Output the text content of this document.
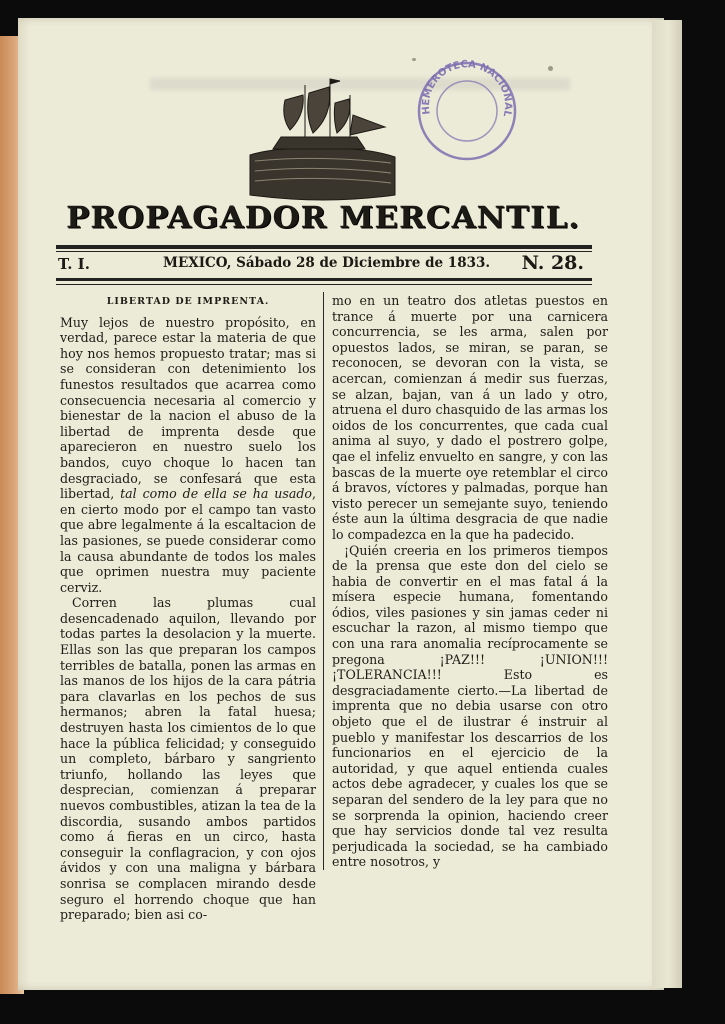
HEMEROTECA NACIONAL
PROPAGADOR MERCANTIL.
T. I.	MEXICO, Sábado 28 de Diciembre de 1833. N. 28.

LIBERTAD DE IMPRENTA.

Muy lejos de nuestro propósito, en verdad, parece estar la materia de que hoy nos hemos propuesto tratar; mas si se consideran con detenimiento los funestos resultados que acarrea como consecuencia necesaria al comercio y bienestar de la nacion el abuso de la libertad de imprenta desde que aparecieron en nuestro suelo los bandos, cuyo choque lo hacen tan desgraciado, se confesará que esta libertad, tal como de ella se ha usado, en cierto modo por el campo tan vasto que abre legalmente á la escaltacion de las pasiones, se puede considerar como la causa abundante de todos los males que oprimen nuestra muy paciente cerviz.

Corren las plumas cual desencadenado aquilon, llevando por todas partes la desolacion y la muerte. Ellas son las que preparan los campos terribles de batalla, ponen las armas en las manos de los hijos de la cara pátria para clavarlas en los pechos de sus hermanos; abren la fatal huesa; destruyen hasta los cimientos de lo que hace la pública felicidad; y conseguido un completo, bárbaro y sangriento triunfo, hollando las leyes que desprecian, comienzan á preparar nuevos combustibles, atizan la tea de la discordia, susando ambos partidos como á fieras en un circo, hasta conseguir la conflagracion, y con ojos ávidos y con una maligna y bárbara sonrisa se complacen mirando desde seguro el horrendo choque que han preparado; bien asi co-

mo en un teatro dos atletas puestos en trance á muerte por una carnicera concurrencia, se les arma, salen por opuestos lados, se miran, se paran, se reconocen, se devoran con la vista, se acercan, comienzan á medir sus fuerzas, se alzan, bajan, van á un lado y otro, atruena el duro chasquido de las armas los oidos de los concurrentes, que cada cual anima al suyo, y dado el postrero golpe, qae el infeliz envuelto en sangre, y con las bascas de la muerte oye retemblar el circo á bravos, víctores y palmadas, porque han visto perecer un semejante suyo, teniendo éste aun la última desgracia de que nadie lo compadezca en la que ha padecido.

¡Quién creeria en los primeros tiempos de la prensa que este don del cielo se habia de convertir en el mas fatal á la mísera especie humana, fomentando ódios, viles pasiones y sin jamas ceder ni escuchar la razon, al mismo tiempo que con una rara anomalia recíprocamente se pregona ¡PAZ!!! ¡UNION!!! ¡TOLERANCIA!!! Esto es desgraciadamente cierto.—La libertad de imprenta que no debia usarse con otro objeto que el de ilustrar é instruir al pueblo y manifestar los descarrios de los funcionarios en el ejercicio de la autoridad, y que aquel entienda cuales actos debe agradecer, y cuales los que se separan del sendero de la ley para que no se sorprenda la opinion, haciendo creer que hay servicios donde tal vez resulta perjudicada la sociedad, se ha cambiado entre nosotros, y
